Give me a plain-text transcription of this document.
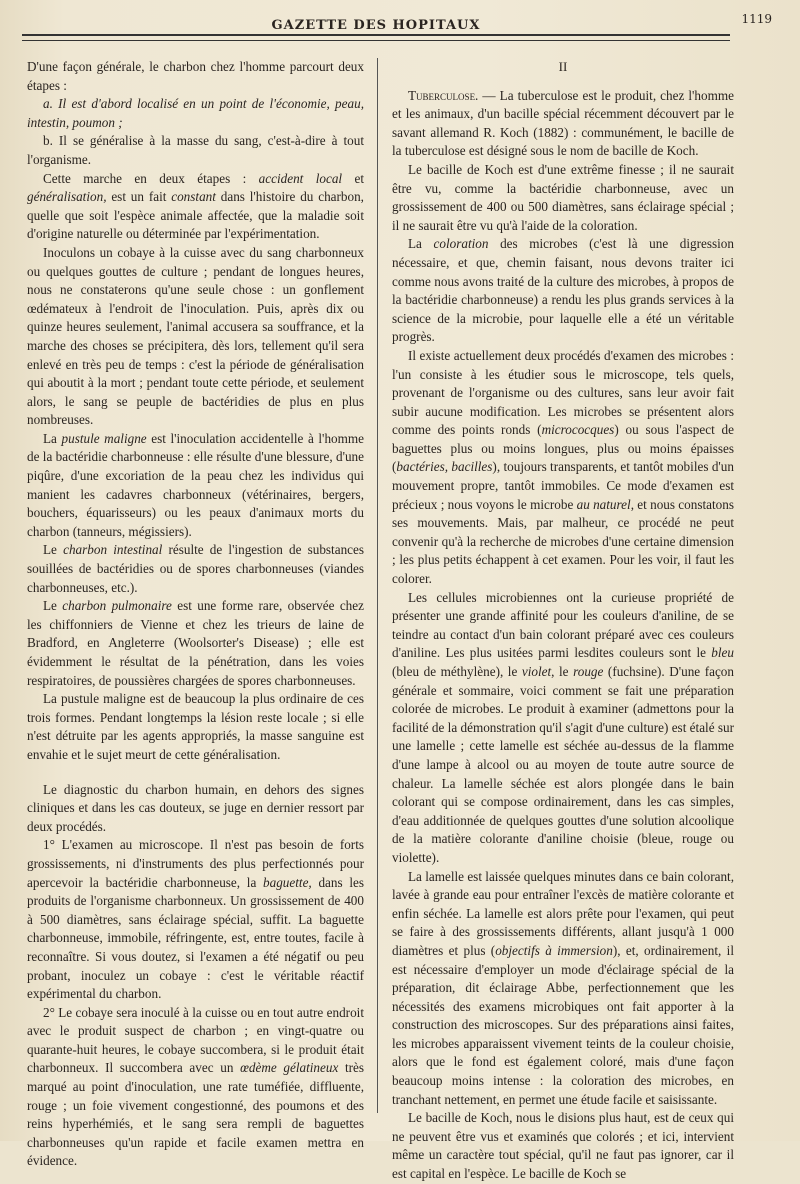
GAZETTE DES HOPITAUX	1119

D'une façon générale, le charbon chez l'homme parcourt deux étapes :

a. Il est d'abord localisé en un point de l'économie, peau, intestin, poumon ;

b. Il se généralise à la masse du sang, c'est-à-dire à tout l'organisme.

Cette marche en deux étapes : accident local et généralisation, est un fait constant dans l'histoire du charbon, quelle que soit l'espèce animale affectée, que la maladie soit d'origine naturelle ou déterminée par l'expérimentation.

Inoculons un cobaye à la cuisse avec du sang charbonneux ou quelques gouttes de culture ; pendant de longues heures, nous ne constaterons qu'une seule chose : un gonflement œdémateux à l'endroit de l'inoculation. Puis, après dix ou quinze heures seulement, l'animal accusera sa souffrance, et la marche des choses se précipitera, dès lors, tellement qu'il sera enlevé en très peu de temps : c'est la période de généralisation qui aboutit à la mort ; pendant toute cette période, et seulement alors, le sang se peuple de bactéridies de plus en plus nombreuses.

La pustule maligne est l'inoculation accidentelle à l'homme de la bactéridie charbonneuse : elle résulte d'une blessure, d'une piqûre, d'une excoriation de la peau chez les individus qui manient les cadavres charbonneux (vétérinaires, bergers, bouchers, équarisseurs) ou les peaux d'animaux morts du charbon (tanneurs, mégissiers).

Le charbon intestinal résulte de l'ingestion de substances souillées de bactéridies ou de spores charbonneuses (viandes charbonneuses, etc.).

Le charbon pulmonaire est une forme rare, observée chez les chiffonniers de Vienne et chez les trieurs de laine de Bradford, en Angleterre (Woolsorter's Disease) ; elle est évidemment le résultat de la pénétration, dans les voies respiratoires, de poussières chargées de spores charbonneuses.

La pustule maligne est de beaucoup la plus ordinaire de ces trois formes. Pendant longtemps la lésion reste locale ; si elle n'est détruite par les agents appropriés, la masse sanguine est envahie et le sujet meurt de cette généralisation.

Le diagnostic du charbon humain, en dehors des signes cliniques et dans les cas douteux, se juge en dernier ressort par deux procédés.

1° L'examen au microscope. Il n'est pas besoin de forts grossissements, ni d'instruments des plus perfectionnés pour apercevoir la bactéridie charbonneuse, la baguette, dans les produits de l'organisme charbonneux. Un grossissement de 400 à 500 diamètres, sans éclairage spécial, suffit. La baguette charbonneuse, immobile, réfringente, est, entre toutes, facile à reconnaître. Si vous doutez, si l'examen a été négatif ou peu probant, inoculez un cobaye : c'est le véritable réactif expérimental du charbon.

2° Le cobaye sera inoculé à la cuisse ou en tout autre endroit avec le produit suspect de charbon ; en vingt-quatre ou quarante-huit heures, le cobaye succombera, si le produit était charbonneux. Il succombera avec un œdème gélatineux très marqué au point d'inoculation, une rate tuméfiée, diffluente, rouge ; un foie vivement congestionné, des poumons et des reins hyperhémiés, et le sang sera rempli de baguettes charbonneuses qu'un rapide et facile examen mettra en évidence.

II

Tuberculose. — La tuberculose est le produit, chez l'homme et les animaux, d'un bacille spécial récemment découvert par le savant allemand R. Koch (1882) : communément, le bacille de la tuberculose est désigné sous le nom de bacille de Koch.

Le bacille de Koch est d'une extrême finesse ; il ne saurait être vu, comme la bactéridie charbonneuse, avec un grossissement de 400 ou 500 diamètres, sans éclairage spécial ; il ne saurait être vu qu'à l'aide de la coloration.

La coloration des microbes (c'est là une digression nécessaire, et que, chemin faisant, nous devons traiter ici comme nous avons traité de la culture des microbes, à propos de la bactéridie charbonneuse) a rendu les plus grands services à la science de la microbie, pour laquelle elle a été un véritable progrès.

Il existe actuellement deux procédés d'examen des microbes : l'un consiste à les étudier sous le microscope, tels quels, provenant de l'organisme ou des cultures, sans leur avoir fait subir aucune modification. Les microbes se présentent alors comme des points ronds (micrococques) ou sous l'aspect de baguettes plus ou moins longues, plus ou moins épaisses (bactéries, bacilles), toujours transparents, et tantôt mobiles d'un mouvement propre, tantôt immobiles. Ce mode d'examen est précieux ; nous voyons le microbe au naturel, et nous constatons ses mouvements. Mais, par malheur, ce procédé ne peut convenir qu'à la recherche de microbes d'une certaine dimension ; les plus petits échappent à cet examen. Pour les voir, il faut les colorer.

Les cellules microbiennes ont la curieuse propriété de présenter une grande affinité pour les couleurs d'aniline, de se teindre au contact d'un bain colorant préparé avec ces couleurs d'aniline. Les plus usitées parmi lesdites couleurs sont le bleu (bleu de méthylène), le violet, le rouge (fuchsine). D'une façon générale et sommaire, voici comment se fait une préparation colorée de microbes. Le produit à examiner (admettons pour la facilité de la démonstration qu'il s'agit d'une culture) est étalé sur une lamelle ; cette lamelle est séchée au-dessus de la flamme d'une lampe à alcool ou au moyen de toute autre source de chaleur. La lamelle séchée est alors plongée dans le bain colorant qui se compose ordinairement, dans les cas simples, d'eau additionnée de quelques gouttes d'une solution alcoolique de la matière colorante d'aniline choisie (bleue, rouge ou violette).

La lamelle est laissée quelques minutes dans ce bain colorant, lavée à grande eau pour entraîner l'excès de matière colorante et enfin séchée. La lamelle est alors prête pour l'examen, qui peut se faire à des grossissements différents, allant jusqu'à 1 000 diamètres et plus (objectifs à immersion), et, ordinairement, il est nécessaire d'employer un mode d'éclairage spécial de la préparation, dit éclairage Abbe, perfectionnement que les nécessités des examens microbiques ont fait apporter à la construction des microscopes. Sur des préparations ainsi faites, les microbes apparaissent vivement teints de la couleur choisie, alors que le fond est également coloré, mais d'une façon beaucoup moins intense : la coloration des microbes, en tranchant nettement, en permet une étude facile et saisissante.

Le bacille de Koch, nous le disions plus haut, est de ceux qui ne peuvent être vus et examinés que colorés ; et ici, intervient même un caractère tout spécial, qu'il ne faut pas ignorer, car il est capital en l'espèce. Le bacille de Koch se
